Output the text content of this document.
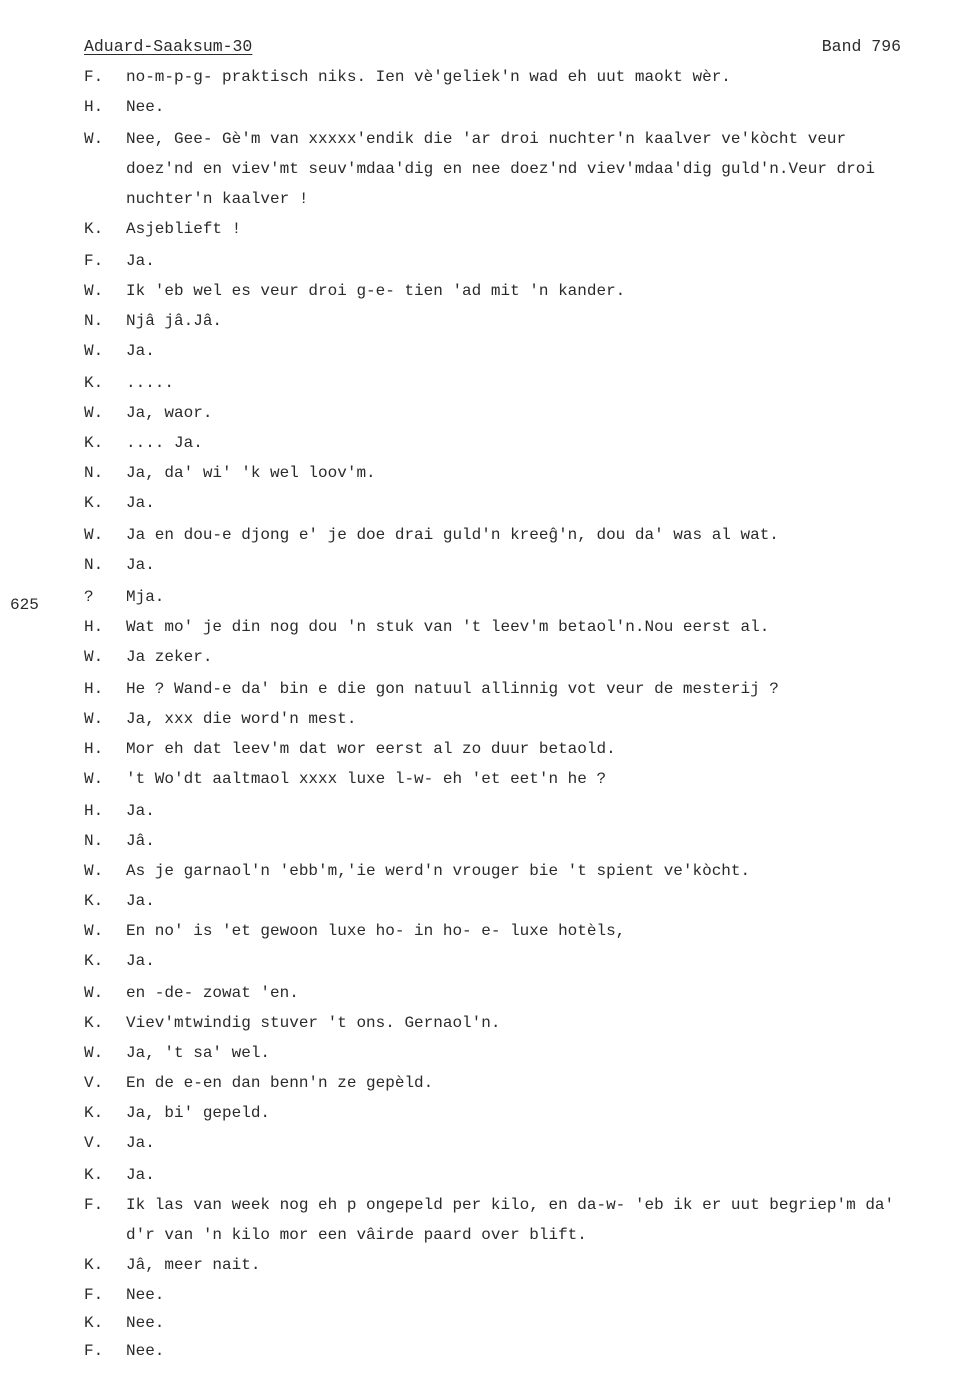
Aduard-Saaksum-30	Band 796
625
F. no-m-p-g- praktisch niks. Ien vè'geliek'n wad eh uut maokt wèr.
H. Nee.
W. Nee, Gee- Gè'm van xxxxx'endik die 'ar droi nuchter'n kaalver ve'kòcht veur
doez'nd en viev'mt seuv'mdaa'dig en nee doez'nd viev'mdaa'dig guld'n.Veur droi
nuchter'n kaalver !
K. Asjeblieft !
F. Ja.
W. Ik 'eb wel es veur droi g-e- tien 'ad mit 'n kander.
N. Njâ jâ.Jâ.
W. Ja.
K. .....
W. Ja, waor.
K. .... Ja.
N. Ja, da' wi' 'k wel loov'm.
K. Ja.
W. Ja en dou-e djong e' je doe drai guld'n kreeĝ'n, dou da' was al wat.
N. Ja.
? Mja.
H. Wat mo' je din nog dou 'n stuk van 't leev'm betaol'n.Nou eerst al.
W. Ja zeker.
H. He ? Wand-e da' bin e die gon natuul allinnig vot veur de mesterij ?
W. Ja, xxx die word'n mest.
H. Mor eh dat leev'm dat wor eerst al zo duur betaold.
W. 't Wo'dt aaltmaol xxxx luxe l-w- eh 'et eet'n he ?
H. Ja.
N. Jâ.
W. As je garnaol'n 'ebb'm,'ie werd'n vrouger bie 't spient ve'kòcht.
K. Ja.
W. En no' is 'et gewoon luxe ho- in ho- e- luxe hotèls,
K. Ja.
W. en -de- zowat 'en.
K. Viev'mtwindig stuver 't ons. Gernaol'n.
W. Ja, 't sa' wel.
V. En de e-en dan benn'n ze gepèld.
K. Ja, bi' gepeld.
V. Ja.
K. Ja.
F. Ik las van week nog eh p ongepeld per kilo, en da-w- 'eb ik er uut begriep'm da'
d'r van 'n kilo mor een vâirde paard over blift.
K. Jâ, meer nait.
F. Nee.
K. Nee.
F. Nee.
